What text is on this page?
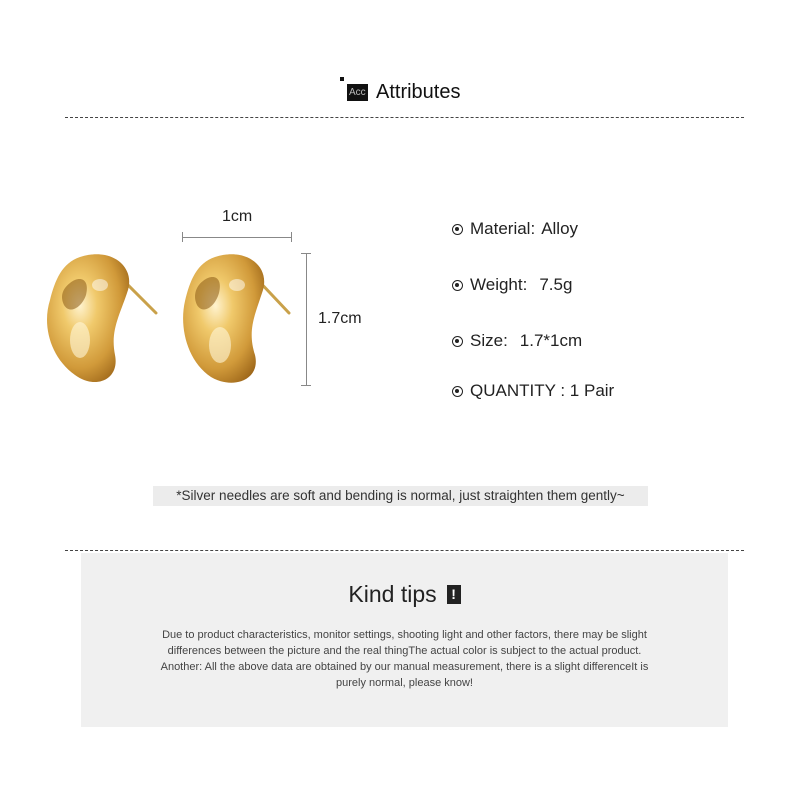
Acc Attributes
1cm
1.7cm
Material: Alloy
Weight: 7.5g
Size: 1.7*1cm
QUANTITY : 1 Pair
*Silver needles are soft and bending is normal, just straighten them gently~
Kind tips !
Due to product characteristics, monitor settings, shooting light and other factors, there may be slight
differences between the picture and the real thingThe actual color is subject to the actual product.
Another: All the above data are obtained by our manual measurement, there is a slight differenceIt is
purely normal, please know!
